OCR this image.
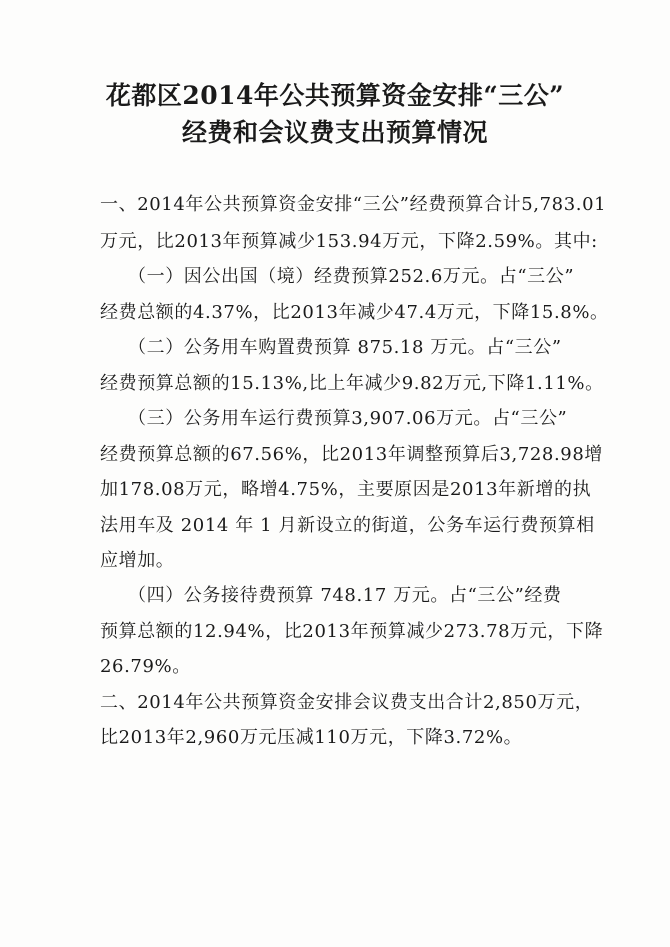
花都区2014年公共预算资金安排“三公”
经费和会议费支出预算情况
一、2014年公共预算资金安排“三公”经费预算合计5,783.01
万元，比2013年预算减少153.94万元，下降2.59%。其中:
（一）因公出国（境）经费预算252.6万元。占“三公”
经费总额的4.37%，比2013年减少47.4万元，下降15.8%。
（二）公务用车购置费预算 875.18 万元。占“三公”
经费预算总额的15.13%,比上年减少9.82万元,下降1.11%。
（三）公务用车运行费预算3,907.06万元。占“三公”
经费预算总额的67.56%，比2013年调整预算后3,728.98增
加178.08万元，略增4.75%，主要原因是2013年新增的执
法用车及 2014 年 1 月新设立的街道，公务车运行费预算相
应增加。
（四）公务接待费预算 748.17 万元。占“三公”经费
预算总额的12.94%，比2013年预算减少273.78万元，下降
26.79%。
二、2014年公共预算资金安排会议费支出合计2,850万元，
比2013年2,960万元压减110万元，下降3.72%。
